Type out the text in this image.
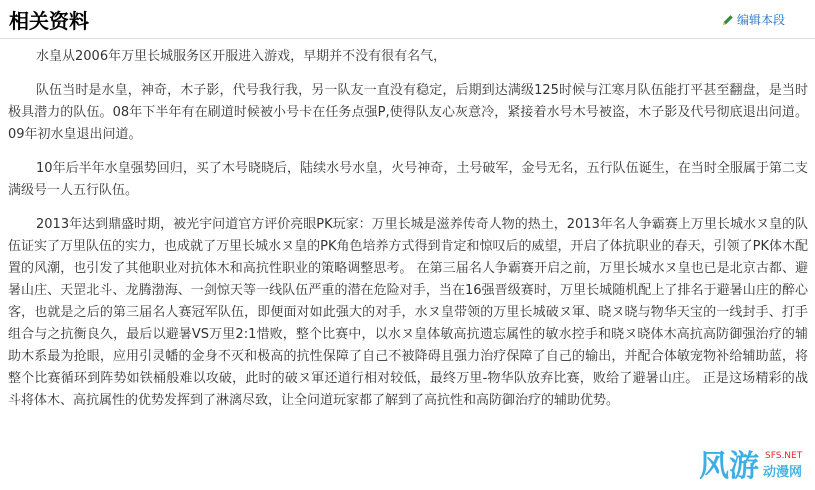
相关资料	编辑本段

水皇从2006年万里长城服务区开服进入游戏，早期并不没有很有名气，

队伍当时是水皇，神奇，木子影，代号我行我，另一队友一直没有稳定，后期到达满级125时候与江寒月队伍能打平甚至翻盘，是当时极具潜力的队伍。08年下半年有在刷道时候被小号卡在任务点强P,使得队友心灰意冷，紧接着水号木号被盗，木子影及代号彻底退出问道。09年初水皇退出问道。

10年后半年水皇强势回归，买了木号晓晓后，陆续水号水皇，火号神奇，土号破军，金号无名，五行队伍诞生，在当时全服属于第二支满级号一人五行队伍。

2013年达到鼎盛时期，被光宇问道官方评价亮眼PK玩家：万里长城是滋养传奇人物的热土，2013年名人争霸赛上万里长城水ヌ皇的队伍证实了万里队伍的实力，也成就了万里长城水ヌ皇的PK角色培养方式得到肯定和惊叹后的威望，开启了体抗职业的春天，引领了PK体木配置的风潮，也引发了其他职业对抗体木和高抗性职业的策略调整思考。 在第三届名人争霸赛开启之前，万里长城水ヌ皇也已是北京古都、避暑山庄、天罡北斗、龙腾渤海、一剑惊天等一线队伍严重的潜在危险对手，当在16强晋级赛时，万里长城随机配上了排名于避暑山庄的醉心客，也就是之后的第三届名人赛冠军队伍，即便面对如此强大的对手，水ヌ皇带领的万里长城破ヌ軍、晓ヌ晓与物华天宝的一线封手、打手组合与之抗衡良久，最后以避暑VS万里2:1惜败，整个比赛中，以水ヌ皇体敏高抗遗忘属性的敏水控手和晓ヌ晓体木高抗高防御强治疗的辅助木系最为抢眼，应用引灵幡的金身不灭和极高的抗性保障了自己不被降碍且强力治疗保障了自己的输出，并配合体敏宠物补给辅助蓝，将整个比赛循环到阵势如铁桶般难以攻破，此时的破ヌ軍还道行相对较低，最终万里-物华队放弃比赛，败给了避暑山庄。 正是这场精彩的战斗将体木、高抗属性的优势发挥到了淋漓尽致，让全问道玩家都了解到了高抗性和高防御治疗的辅助优势。

风游 SFS.NET
动漫网
